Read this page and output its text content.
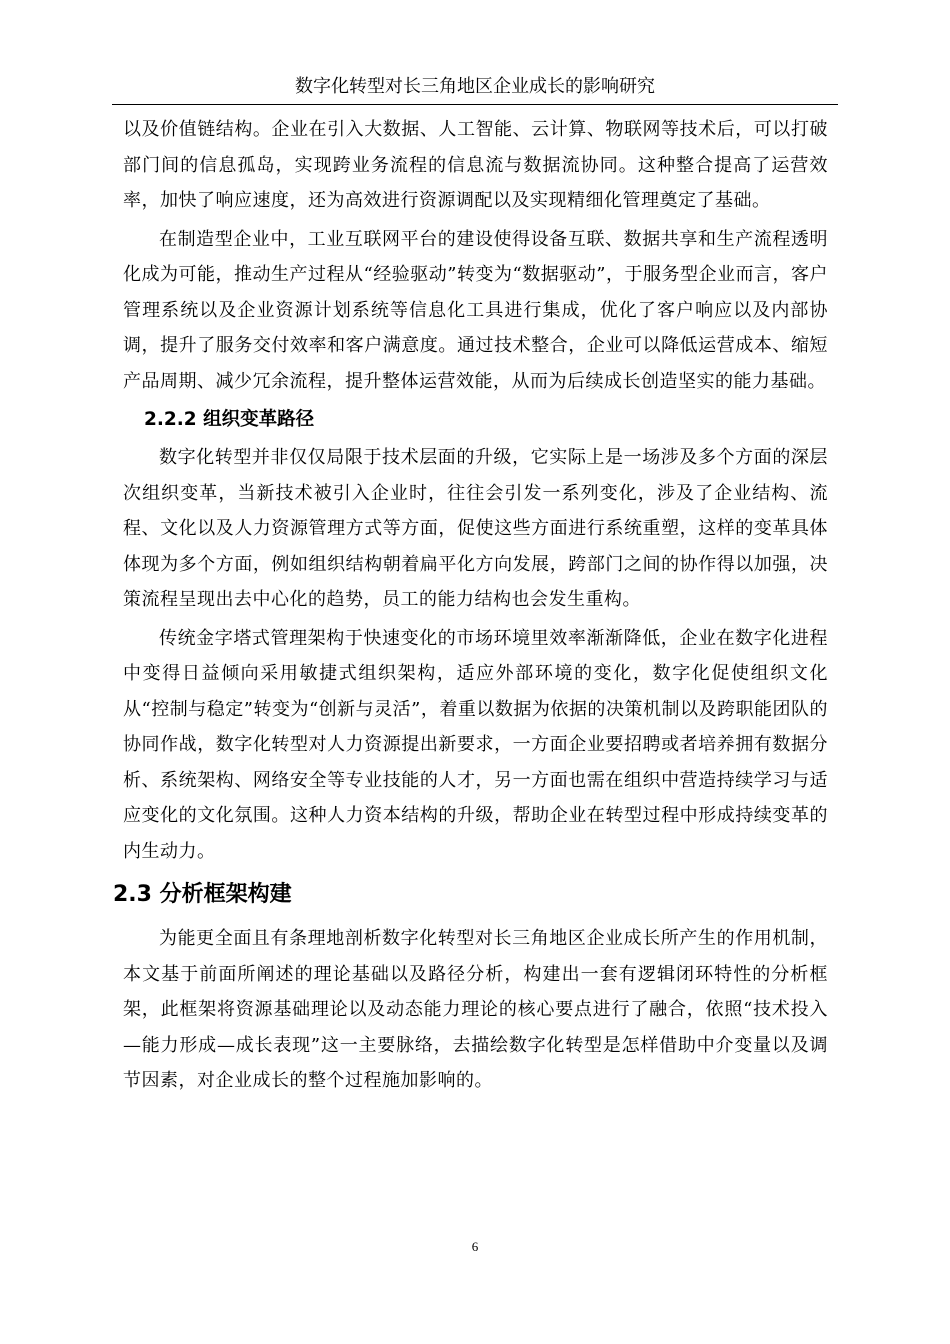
数字化转型对长三角地区企业成长的影响研究

以及价值链结构。企业在引入大数据、人工智能、云计算、物联网等技术后，可以打破部门间的信息孤岛，实现跨业务流程的信息流与数据流协同。这种整合提高了运营效率，加快了响应速度，还为高效进行资源调配以及实现精细化管理奠定了基础。

在制造型企业中，工业互联网平台的建设使得设备互联、数据共享和生产流程透明化成为可能，推动生产过程从“经验驱动”转变为“数据驱动”，于服务型企业而言，客户管理系统以及企业资源计划系统等信息化工具进行集成，优化了客户响应以及内部协调，提升了服务交付效率和客户满意度。通过技术整合，企业可以降低运营成本、缩短产品周期、减少冗余流程，提升整体运营效能，从而为后续成长创造坚实的能力基础。

2.2.2 组织变革路径

数字化转型并非仅仅局限于技术层面的升级，它实际上是一场涉及多个方面的深层次组织变革，当新技术被引入企业时，往往会引发一系列变化，涉及了企业结构、流程、文化以及人力资源管理方式等方面，促使这些方面进行系统重塑，这样的变革具体体现为多个方面，例如组织结构朝着扁平化方向发展，跨部门之间的协作得以加强，决策流程呈现出去中心化的趋势，员工的能力结构也会发生重构。

传统金字塔式管理架构于快速变化的市场环境里效率渐渐降低，企业在数字化进程中变得日益倾向采用敏捷式组织架构，适应外部环境的变化，数字化促使组织文化从“控制与稳定”转变为“创新与灵活”，着重以数据为依据的决策机制以及跨职能团队的协同作战，数字化转型对人力资源提出新要求，一方面企业要招聘或者培养拥有数据分析、系统架构、网络安全等专业技能的人才，另一方面也需在组织中营造持续学习与适应变化的文化氛围。这种人力资本结构的升级，帮助企业在转型过程中形成持续变革的内生动力。

2.3 分析框架构建

为能更全面且有条理地剖析数字化转型对长三角地区企业成长所产生的作用机制，本文基于前面所阐述的理论基础以及路径分析，构建出一套有逻辑闭环特性的分析框架，此框架将资源基础理论以及动态能力理论的核心要点进行了融合，依照“技术投入—能力形成—成长表现”这一主要脉络，去描绘数字化转型是怎样借助中介变量以及调节因素，对企业成长的整个过程施加影响的。

6
